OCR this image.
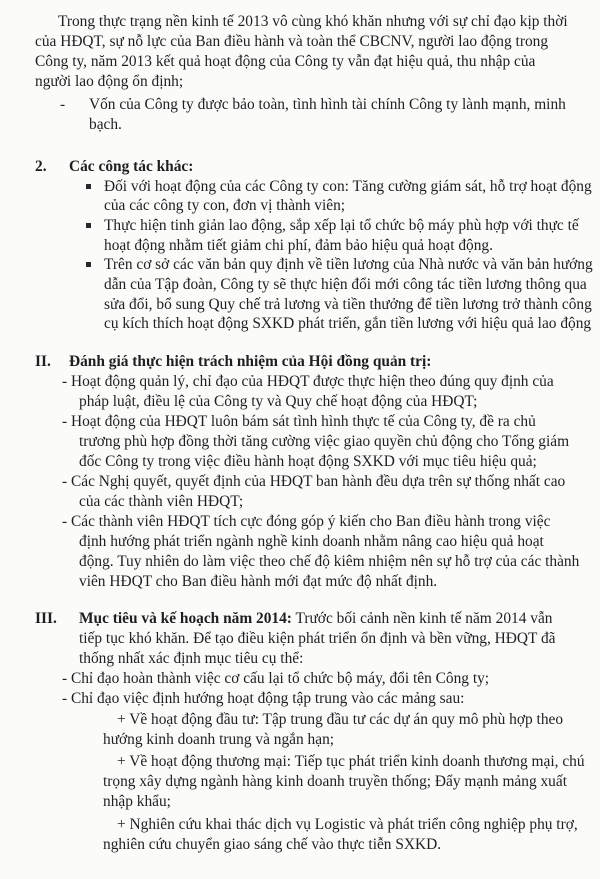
Trong thực trạng nền kinh tế 2013 vô cùng khó khăn nhưng với sự chỉ đạo kịp thời

của HĐQT, sự nỗ lực của Ban điều hành và toàn thể CBCNV, người lao động trong

Công ty, năm 2013 kết quả hoạt động của Công ty vẫn đạt hiệu quả, thu nhập của

người lao động ổn định;

- Vốn của Công ty được bảo toàn, tình hình tài chính Công ty lành mạnh, minh

bạch.

2. Các công tác khác:

Đối với hoạt động của các Công ty con: Tăng cường giám sát, hỗ trợ hoạt động

của các công ty con, đơn vị thành viên;

Thực hiện tinh giản lao động, sắp xếp lại tổ chức bộ máy phù hợp với thực tế

hoạt động nhằm tiết giảm chi phí, đảm bảo hiệu quả hoạt động.

Trên cơ sở các văn bản quy định về tiền lương của Nhà nước và văn bản hướng

dẫn của Tập đoàn, Công ty sẽ thực hiện đổi mới công tác tiền lương thông qua

sửa đổi, bổ sung Quy chế trả lương và tiền thưởng để tiền lương trở thành công

cụ kích thích hoạt động SXKD phát triển, gắn tiền lương với hiệu quả lao động

II. Đánh giá thực hiện trách nhiệm của Hội đồng quản trị:

- Hoạt động quản lý, chỉ đạo của HĐQT được thực hiện theo đúng quy định của

pháp luật, điều lệ của Công ty và Quy chế hoạt động của HĐQT;

- Hoạt động của HĐQT luôn bám sát tình hình thực tế của Công ty, đề ra chủ

trương phù hợp đồng thời tăng cường việc giao quyền chủ động cho Tổng giám

đốc Công ty trong việc điều hành hoạt động SXKD với mục tiêu hiệu quả;

- Các Nghị quyết, quyết định của HĐQT ban hành đều dựa trên sự thống nhất cao

của các thành viên HĐQT;

- Các thành viên HĐQT tích cực đóng góp ý kiến cho Ban điều hành trong việc

định hướng phát triển ngành nghề kinh doanh nhằm nâng cao hiệu quả hoạt

động. Tuy nhiên do làm việc theo chế độ kiêm nhiệm nên sự hỗ trợ của các thành

viên HĐQT cho Ban điều hành mới đạt mức độ nhất định.

III. Mục tiêu và kế hoạch năm 2014: Trước bối cảnh nền kinh tế năm 2014 vẫn

tiếp tục khó khăn. Để tạo điều kiện phát triển ổn định và bền vững, HĐQT đã

thống nhất xác định mục tiêu cụ thể:

- Chỉ đạo hoàn thành việc cơ cấu lại tổ chức bộ máy, đổi tên Công ty;

- Chỉ đạo việc định hướng hoạt động tập trung vào các mảng sau:

+ Về hoạt động đầu tư: Tập trung đầu tư các dự án quy mô phù hợp theo

hướng kinh doanh trung và ngắn hạn;

+ Về hoạt động thương mại: Tiếp tục phát triển kinh doanh thương mại, chú

trọng xây dựng ngành hàng kinh doanh truyền thống; Đẩy mạnh mảng xuất

nhập khẩu;

+ Nghiên cứu khai thác dịch vụ Logistic và phát triển công nghiệp phụ trợ,

nghiên cứu chuyển giao sáng chế vào thực tiễn SXKD.
